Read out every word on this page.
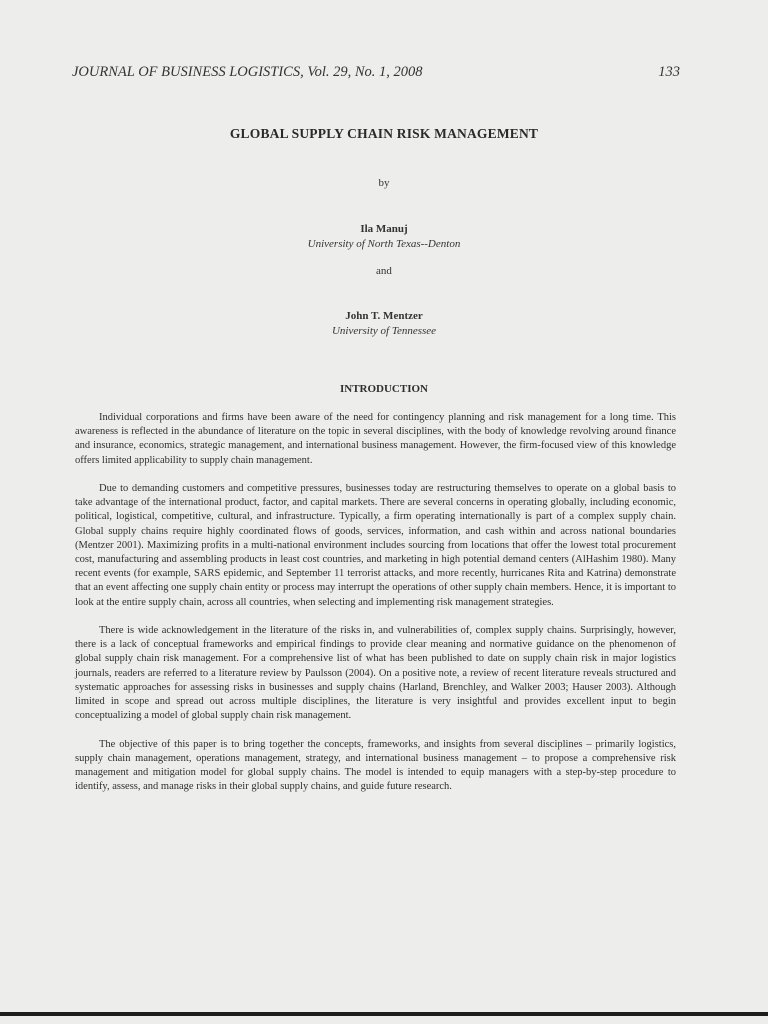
JOURNAL OF BUSINESS LOGISTICS, Vol. 29, No. 1, 2008	133
GLOBAL SUPPLY CHAIN RISK MANAGEMENT
by
Ila Manuj
University of North Texas--Denton
and
John T. Mentzer
University of Tennessee
INTRODUCTION

Individual corporations and firms have been aware of the need for contingency planning and risk management for a long time. This awareness is reflected in the abundance of literature on the topic in several disciplines, with the body of knowledge revolving around finance and insurance, economics, strategic management, and international business management. However, the firm-focused view of this knowledge offers limited applicability to supply chain management.

Due to demanding customers and competitive pressures, businesses today are restructuring themselves to operate on a global basis to take advantage of the international product, factor, and capital markets. There are several concerns in operating globally, including economic, political, logistical, competitive, cultural, and infrastructure. Typically, a firm operating internationally is part of a complex supply chain. Global supply chains require highly coordinated flows of goods, services, information, and cash within and across national boundaries (Mentzer 2001). Maximizing profits in a multi-national environment includes sourcing from locations that offer the lowest total procurement cost, manufacturing and assembling products in least cost countries, and marketing in high potential demand centers (AlHashim 1980). Many recent events (for example, SARS epidemic, and September 11 terrorist attacks, and more recently, hurricanes Rita and Katrina) demonstrate that an event affecting one supply chain entity or process may interrupt the operations of other supply chain members. Hence, it is important to look at the entire supply chain, across all countries, when selecting and implementing risk management strategies.

There is wide acknowledgement in the literature of the risks in, and vulnerabilities of, complex supply chains. Surprisingly, however, there is a lack of conceptual frameworks and empirical findings to provide clear meaning and normative guidance on the phenomenon of global supply chain risk management. For a comprehensive list of what has been published to date on supply chain risk in major logistics journals, readers are referred to a literature review by Paulsson (2004). On a positive note, a review of recent literature reveals structured and systematic approaches for assessing risks in businesses and supply chains (Harland, Brenchley, and Walker 2003; Hauser 2003). Although limited in scope and spread out across multiple disciplines, the literature is very insightful and provides excellent input to begin conceptualizing a model of global supply chain risk management.

The objective of this paper is to bring together the concepts, frameworks, and insights from several disciplines – primarily logistics, supply chain management, operations management, strategy, and international business management – to propose a comprehensive risk management and mitigation model for global supply chains. The model is intended to equip managers with a step-by-step procedure to identify, assess, and manage risks in their global supply chains, and guide future research.
